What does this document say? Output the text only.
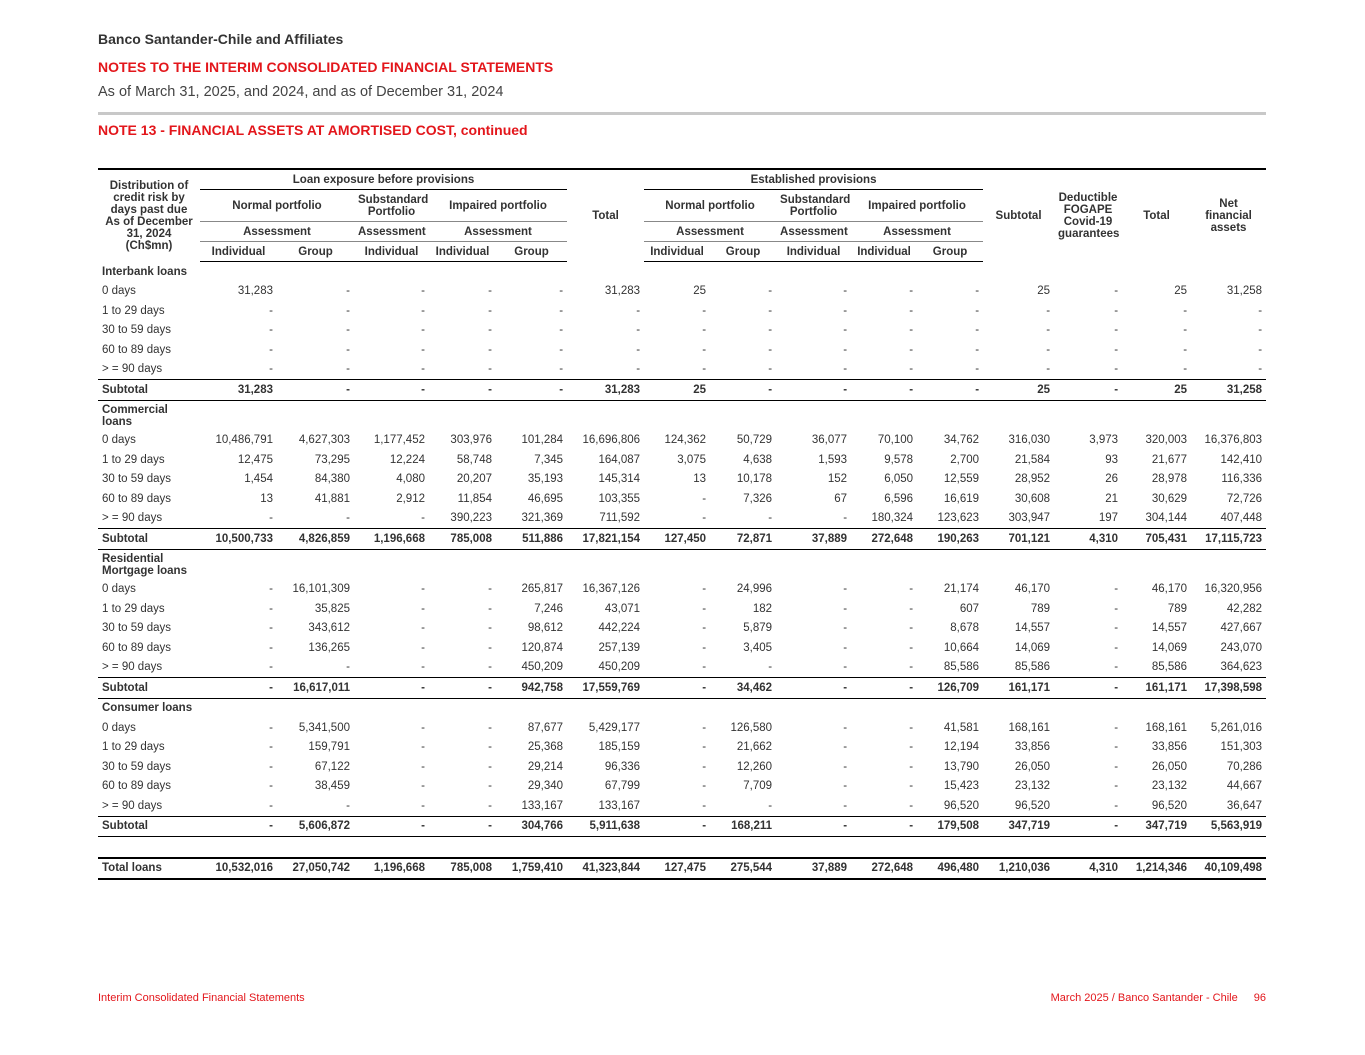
Banco Santander-Chile and Affiliates
NOTES TO THE INTERIM CONSOLIDATED FINANCIAL STATEMENTS
As of March 31, 2025, and 2024, and as of December 31, 2024
NOTE 13 - FINANCIAL ASSETS AT AMORTISED COST, continued
Distribution of credit risk by days past due As of December 31, 2024 (Ch$mn)	Loan exposure before provisions					Total	Established provisions					Subtotal	Deductible FOGAPE Covid-19 guarantees	Total	Net financial assets
	Normal portfolio		Substandard Portfolio	Impaired portfolio			Normal portfolio		Substandard Portfolio	Impaired portfolio					
	Assessment		Assessment	Assessment			Assessment		Assessment	Assessment					
	Individual	Group	Individual	Individual	Group		Individual	Group	Individual	Individual	Group				
Interbank loans															
0 days	31,283	-	-	-	-	31,283	25	-	-	-	-	25	-	25	31,258
1 to 29 days	-	-	-	-	-	-	-	-	-	-	-	-	-	-	-
30 to 59 days	-	-	-	-	-	-	-	-	-	-	-	-	-	-	-
60 to 89 days	-	-	-	-	-	-	-	-	-	-	-	-	-	-	-
> = 90 days	-	-	-	-	-	-	-	-	-	-	-	-	-	-	-
Subtotal	31,283	-	-	-	-	31,283	25	-	-	-	-	25	-	25	31,258
Commercial loans															
0 days	10,486,791	4,627,303	1,177,452	303,976	101,284	16,696,806	124,362	50,729	36,077	70,100	34,762	316,030	3,973	320,003	16,376,803
1 to 29 days	12,475	73,295	12,224	58,748	7,345	164,087	3,075	4,638	1,593	9,578	2,700	21,584	93	21,677	142,410
30 to 59 days	1,454	84,380	4,080	20,207	35,193	145,314	13	10,178	152	6,050	12,559	28,952	26	28,978	116,336
60 to 89 days	13	41,881	2,912	11,854	46,695	103,355	-	7,326	67	6,596	16,619	30,608	21	30,629	72,726
> = 90 days	-	-	-	390,223	321,369	711,592	-	-	-	180,324	123,623	303,947	197	304,144	407,448
Subtotal	10,500,733	4,826,859	1,196,668	785,008	511,886	17,821,154	127,450	72,871	37,889	272,648	190,263	701,121	4,310	705,431	17,115,723
Residential Mortgage loans															
0 days	-	16,101,309	-	-	265,817	16,367,126	-	24,996	-	-	21,174	46,170	-	46,170	16,320,956
1 to 29 days	-	35,825	-	-	7,246	43,071	-	182	-	-	607	789	-	789	42,282
30 to 59 days	-	343,612	-	-	98,612	442,224	-	5,879	-	-	8,678	14,557	-	14,557	427,667
60 to 89 days	-	136,265	-	-	120,874	257,139	-	3,405	-	-	10,664	14,069	-	14,069	243,070
> = 90 days	-	-	-	-	450,209	450,209	-	-	-	-	85,586	85,586	-	85,586	364,623
Subtotal	-	16,617,011	-	-	942,758	17,559,769	-	34,462	-	-	126,709	161,171	-	161,171	17,398,598
Consumer loans															
0 days	-	5,341,500	-	-	87,677	5,429,177	-	126,580	-	-	41,581	168,161	-	168,161	5,261,016
1 to 29 days	-	159,791	-	-	25,368	185,159	-	21,662	-	-	12,194	33,856	-	33,856	151,303
30 to 59 days	-	67,122	-	-	29,214	96,336	-	12,260	-	-	13,790	26,050	-	26,050	70,286
60 to 89 days	-	38,459	-	-	29,340	67,799	-	7,709	-	-	15,423	23,132	-	23,132	44,667
> = 90 days	-	-	-	-	133,167	133,167	-	-	-	-	96,520	96,520	-	96,520	36,647
Subtotal	-	5,606,872	-	-	304,766	5,911,638	-	168,211	-	-	179,508	347,719	-	347,719	5,563,919

Total loans	10,532,016	27,050,742	1,196,668	785,008	1,759,410	41,323,844	127,475	275,544	37,889	272,648	496,480	1,210,036	4,310	1,214,346	40,109,498
Interim Consolidated Financial Statements	March 2025 / Banco Santander - Chile 96
